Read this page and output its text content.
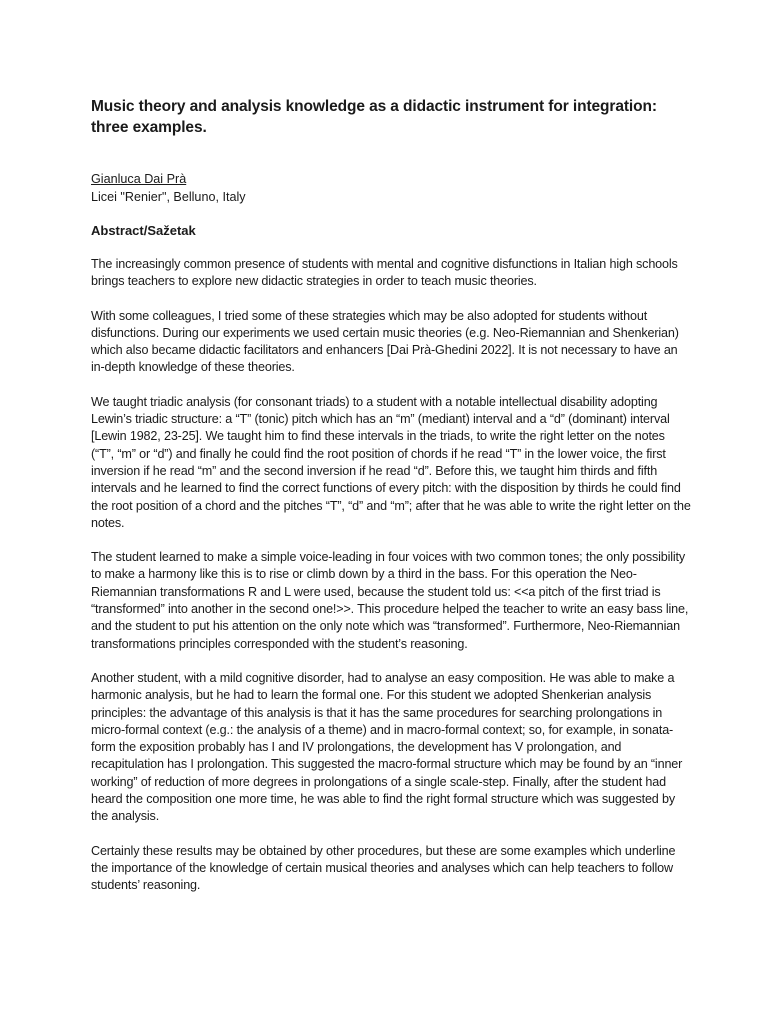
Music theory and analysis knowledge as a didactic instrument for integration: three examples.

Gianluca Dai Prà

Licei "Renier", Belluno, Italy

Abstract/Sažetak

The increasingly common presence of students with mental and cognitive disfunctions in Italian high schools brings teachers to explore new didactic strategies in order to teach music theories.

With some colleagues, I tried some of these strategies which may be also adopted for students without disfunctions. During our experiments we used certain music theories (e.g. Neo-Riemannian and Shenkerian) which also became didactic facilitators and enhancers [Dai Prà-Ghedini 2022]. It is not necessary to have an in-depth knowledge of these theories.

We taught triadic analysis (for consonant triads) to a student with a notable intellectual disability adopting Lewin’s triadic structure: a “T” (tonic) pitch which has an “m” (mediant) interval and a “d” (dominant) interval [Lewin 1982, 23-25]. We taught him to find these intervals in the triads, to write the right letter on the notes (“T”, “m” or “d”) and finally he could find the root position of chords if he read “T” in the lower voice, the first inversion if he read “m” and the second inversion if he read “d”. Before this, we taught him thirds and fifth intervals and he learned to find the correct functions of every pitch: with the disposition by thirds he could find the root position of a chord and the pitches “T”, “d” and “m”; after that he was able to write the right letter on the notes.

The student learned to make a simple voice-leading in four voices with two common tones; the only possibility to make a harmony like this is to rise or climb down by a third in the bass. For this operation the Neo-Riemannian transformations R and L were used, because the student told us: <<a pitch of the first triad is “transformed” into another in the second one!>>. This procedure helped the teacher to write an easy bass line, and the student to put his attention on the only note which was “transformed”. Furthermore, Neo-Riemannian transformations principles corresponded with the student’s reasoning.

Another student, with a mild cognitive disorder, had to analyse an easy composition. He was able to make a harmonic analysis, but he had to learn the formal one. For this student we adopted Shenkerian analysis principles: the advantage of this analysis is that it has the same procedures for searching prolongations in micro-formal context (e.g.: the analysis of a theme) and in macro-formal context; so, for example, in sonata-form the exposition probably has I and IV prolongations, the development has V prolongation, and recapitulation has I prolongation. This suggested the macro-formal structure which may be found by an “inner working” of reduction of more degrees in prolongations of a single scale-step. Finally, after the student had heard the composition one more time, he was able to find the right formal structure which was suggested by the analysis.

Certainly these results may be obtained by other procedures, but these are some examples which underline the importance of the knowledge of certain musical theories and analyses which can help teachers to follow students’ reasoning.
